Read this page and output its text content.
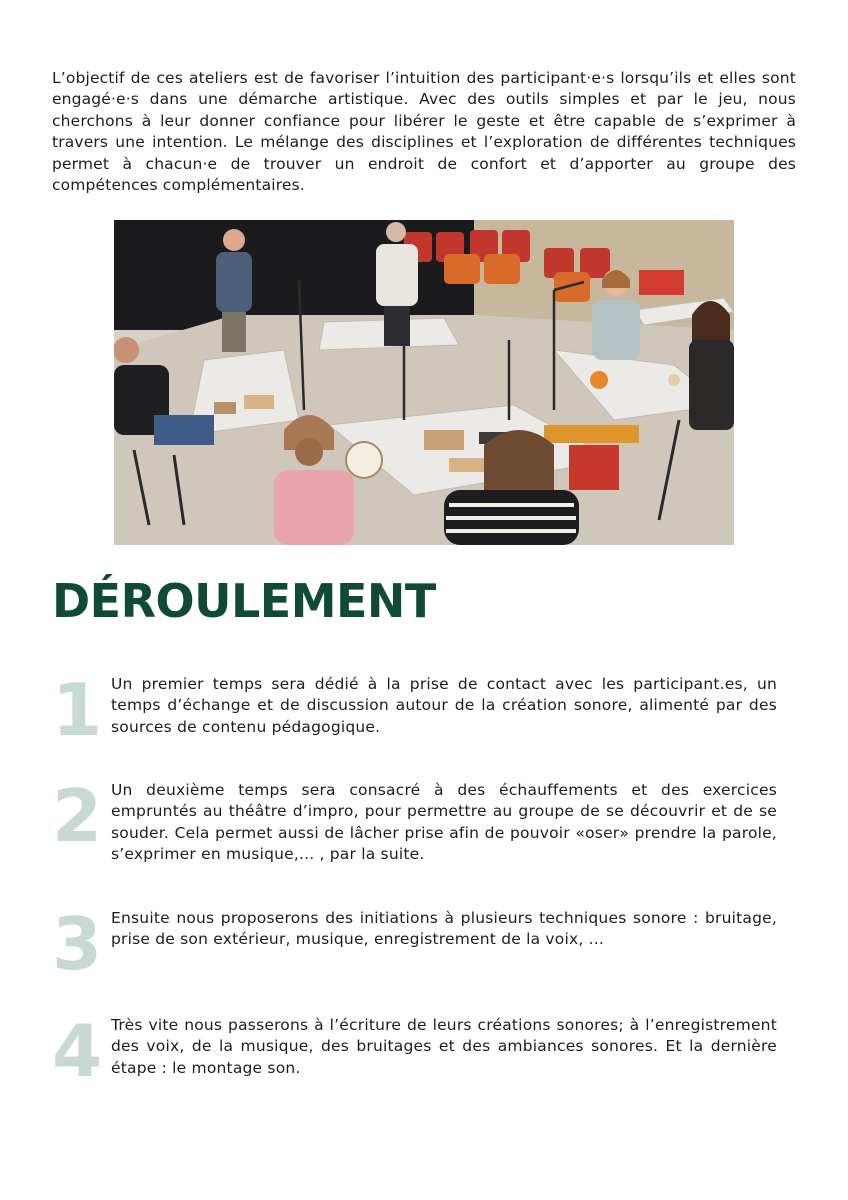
L’objectif de ces ateliers est de favoriser l’intuition des participant·e·s lorsqu’ils et elles sont engagé·e·s dans une démarche artistique. Avec des outils simples et par le jeu, nous cherchons à leur donner confiance pour libérer le geste et être capable de s’exprimer à travers une intention. Le mélange des disciplines et l’exploration de différentes techniques permet à chacun·e de trouver un endroit de confort et d’apporter au groupe des compétences complémentaires.

DÉROULEMENT
1 Un premier temps sera dédié à la prise de contact avec les participant.es, un temps d’échange et de discussion autour de la création sonore, alimenté par des sources de contenu pédagogique.

2 Un deuxième temps sera consacré à des échauffements et des exercices empruntés au théâtre d’impro, pour permettre au groupe de se découvrir et de se souder. Cela permet aussi de lâcher prise afin de pouvoir «oser» prendre la parole, s’exprimer en musique,... , par la suite.

3 Ensuite nous proposerons des initiations à plusieurs techniques sonore : bruitage, prise de son extérieur, musique, enregistrement de la voix, ...

4 Très vite nous passerons à l’écriture de leurs créations sonores; à l’enregistrement des voix, de la musique, des bruitages et des ambiances sonores. Et la dernière étape : le montage son.
